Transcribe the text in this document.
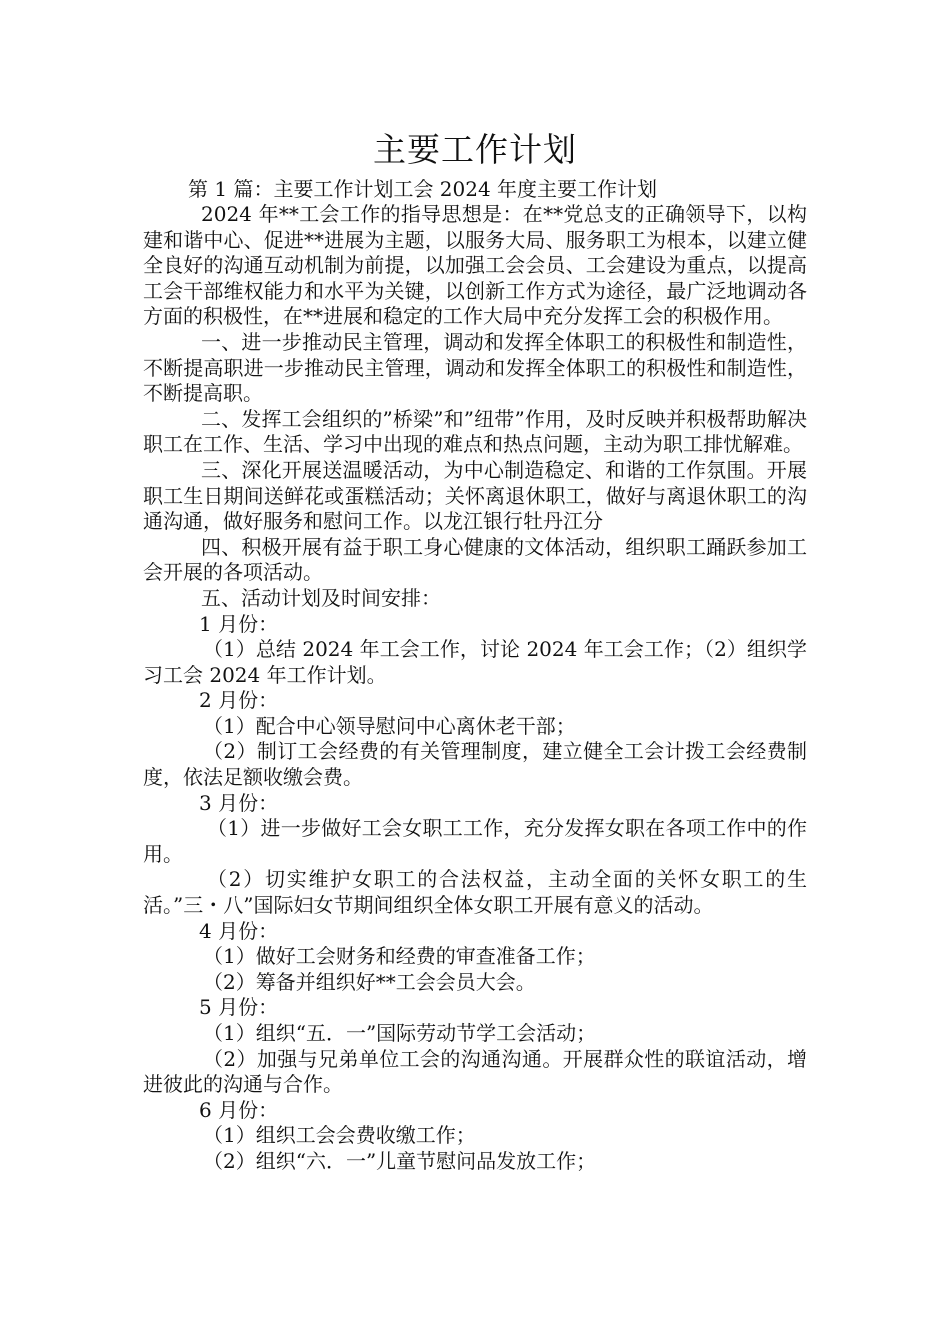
主要工作计划

第 1 篇：主要工作计划工会 2024 年度主要工作计划

2024 年**工会工作的指导思想是：在**党总支的正确领导下，以构建和谐中心、促进**进展为主题，以服务大局、服务职工为根本，以建立健全良好的沟通互动机制为前提，以加强工会会员、工会建设为重点，以提高工会干部维权能力和水平为关键，以创新工作方式为途径，最广泛地调动各方面的积极性，在**进展和稳定的工作大局中充分发挥工会的积极作用。

一、进一步推动民主管理，调动和发挥全体职工的积极性和制造性，不断提高职进一步推动民主管理，调动和发挥全体职工的积极性和制造性，不断提高职。

二、发挥工会组织的”桥梁”和”纽带”作用，及时反映并积极帮助解决职工在工作、生活、学习中出现的难点和热点问题，主动为职工排忧解难。

三、深化开展送温暖活动，为中心制造稳定、和谐的工作氛围。开展职工生日期间送鲜花或蛋糕活动；关怀离退休职工，做好与离退休职工的沟通沟通，做好服务和慰问工作。以龙江银行牡丹江分

四、积极开展有益于职工身心健康的文体活动，组织职工踊跃参加工会开展的各项活动。

五、活动计划及时间安排：

1 月份：

（1）总结 2024 年工会工作，讨论 2024 年工会工作；（2）组织学习工会 2024 年工作计划。

2 月份：

（1）配合中心领导慰问中心离休老干部；

（2）制订工会经费的有关管理制度，建立健全工会计拨工会经费制度，依法足额收缴会费。

3 月份：

（1）进一步做好工会女职工工作，充分发挥女职在各项工作中的作用。

（2）切实维护女职工的合法权益，主动全面的关怀女职工的生活。”三・八”国际妇女节期间组织全体女职工开展有意义的活动。

4 月份：

（1）做好工会财务和经费的审查准备工作；

（2）筹备并组织好**工会会员大会。

5 月份：

（1）组织“五．一”国际劳动节学工会活动；

（2）加强与兄弟单位工会的沟通沟通。开展群众性的联谊活动，增进彼此的沟通与合作。

6 月份：

（1）组织工会会费收缴工作；

（2）组织“六．一”儿童节慰问品发放工作；
